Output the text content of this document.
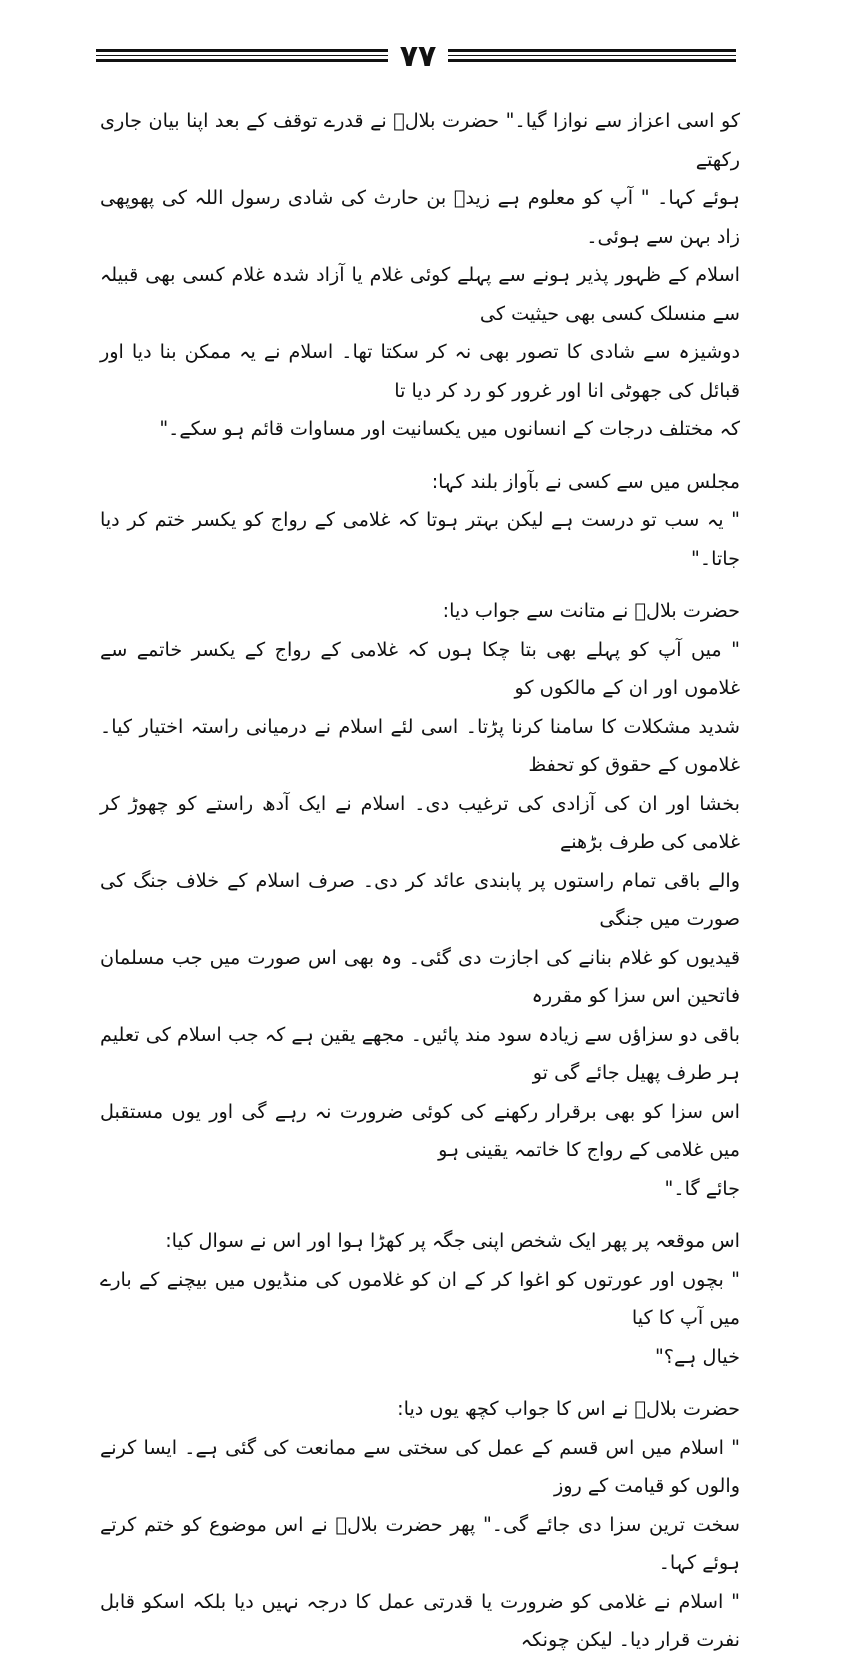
۷۷

کو اسی اعزاز سے نوازا گیا۔" حضرت بلالؓ نے قدرے توقف کے بعد اپنا بیان جاری رکھتے

ہوئے کہا۔ " آپ کو معلوم ہے زیدؓ بن حارث کی شادی رسول اللہ کی پھوپھی زاد بہن سے ہوئی۔

اسلام کے ظہور پذیر ہونے سے پہلے کوئی غلام یا آزاد شدہ غلام کسی بھی قبیلہ سے منسلک کسی بھی حیثیت کی

دوشیزہ سے شادی کا تصور بھی نہ کر سکتا تھا۔ اسلام نے یہ ممکن بنا دیا اور قبائل کی جھوٹی انا اور غرور کو رد کر دیا تا

کہ مختلف درجات کے انسانوں میں یکسانیت اور مساوات قائم ہو سکے۔"

مجلس میں سے کسی نے بآواز بلند کہا:

" یہ سب تو درست ہے لیکن بہتر ہوتا کہ غلامی کے رواج کو یکسر ختم کر دیا جاتا۔"

حضرت بلالؓ نے متانت سے جواب دیا:

" میں آپ کو پہلے بھی بتا چکا ہوں کہ غلامی کے رواج کے یکسر خاتمے سے غلاموں اور ان کے مالکوں کو

شدید مشکلات کا سامنا کرنا پڑتا۔ اسی لئے اسلام نے درمیانی راستہ اختیار کیا۔ غلاموں کے حقوق کو تحفظ

بخشا اور ان کی آزادی کی ترغیب دی۔ اسلام نے ایک آدھ راستے کو چھوڑ کر غلامی کی طرف بڑھنے

والے باقی تمام راستوں پر پابندی عائد کر دی۔ صرف اسلام کے خلاف جنگ کی صورت میں جنگی

قیدیوں کو غلام بنانے کی اجازت دی گئی۔ وہ بھی اس صورت میں جب مسلمان فاتحین اس سزا کو مقررہ

باقی دو سزاؤں سے زیادہ سود مند پائیں۔ مجھے یقین ہے کہ جب اسلام کی تعلیم ہر طرف پھیل جائے گی تو

اس سزا کو بھی برقرار رکھنے کی کوئی ضرورت نہ رہے گی اور یوں مستقبل میں غلامی کے رواج کا خاتمہ یقینی ہو

جائے گا۔"

اس موقعہ پر پھر ایک شخص اپنی جگہ پر کھڑا ہوا اور اس نے سوال کیا:

" بچوں اور عورتوں کو اغوا کر کے ان کو غلاموں کی منڈیوں میں بیچنے کے بارے میں آپ کا کیا

خیال ہے؟"

حضرت بلالؓ نے اس کا جواب کچھ یوں دیا:

" اسلام میں اس قسم کے عمل کی سختی سے ممانعت کی گئی ہے۔ ایسا کرنے والوں کو قیامت کے روز

سخت ترین سزا دی جائے گی۔" پھر حضرت بلالؓ نے اس موضوع کو ختم کرتے ہوئے کہا۔

" اسلام نے غلامی کو ضرورت یا قدرتی عمل کا درجہ نہیں دیا بلکہ اسکو قابل نفرت قرار دیا۔ لیکن چونکہ
